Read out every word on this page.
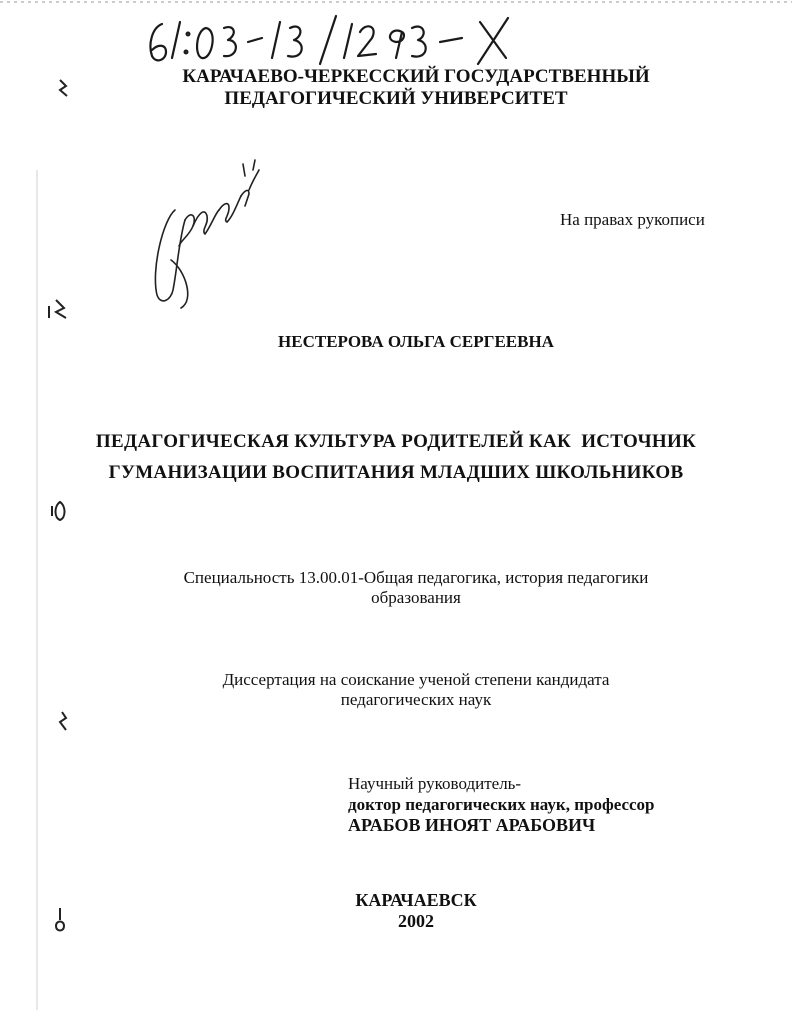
КАРАЧАЕВО-ЧЕРКЕССКИЙ ГОСУДАРСТВЕННЫЙ
ПЕДАГОГИЧЕСКИЙ УНИВЕРСИТЕТ
На правах рукописи
НЕСТЕРОВА ОЛЬГА СЕРГЕЕВНА
ПЕДАГОГИЧЕСКАЯ КУЛЬТУРА РОДИТЕЛЕЙ КАК  ИСТОЧНИК
ГУМАНИЗАЦИИ ВОСПИТАНИЯ МЛАДШИХ ШКОЛЬНИКОВ
Специальность 13.00.01-Общая педагогика, история педагогики
образования
Диссертация на соискание ученой степени кандидата
педагогических наук
Научный руководитель-
доктор педагогических наук, профессор
АРАБОВ ИНОЯТ АРАБОВИЧ
КАРАЧАЕВСК
2002
